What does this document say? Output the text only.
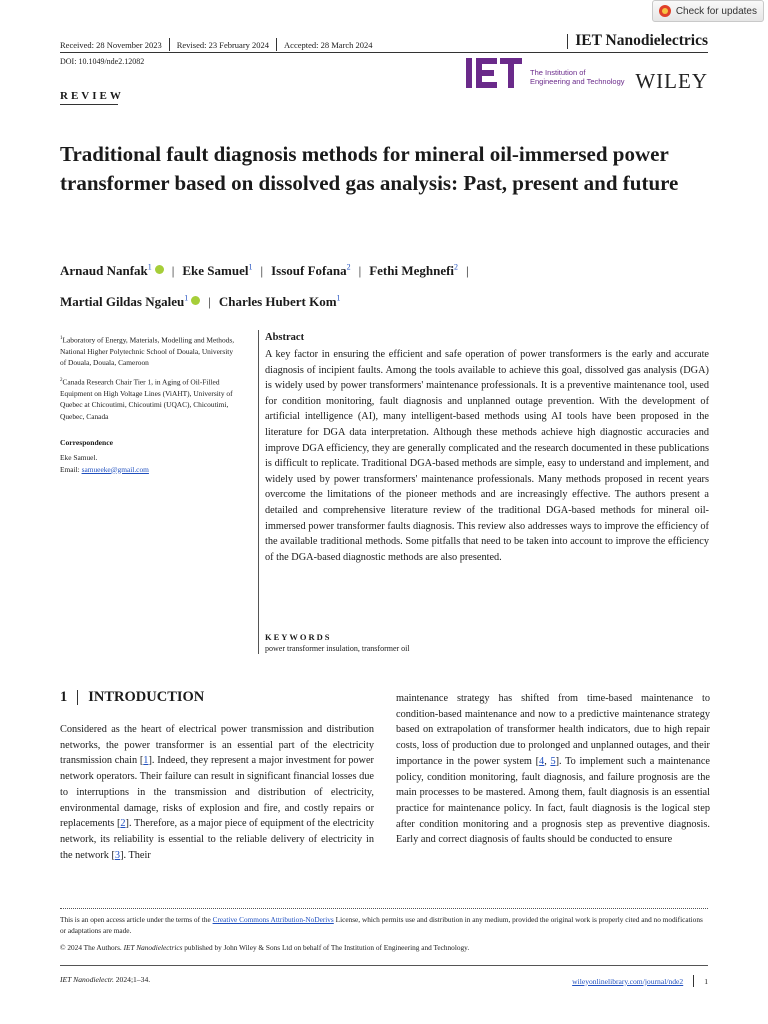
Check for updates
Received: 28 November 2023 Revised: 23 February 2024 Accepted: 28 March 2024	IET Nanodielectrics
DOI: 10.1049/nde2.12082
The Institution of
Engineering and Technology WILEY
REVIEW
Traditional fault diagnosis methods for mineral oil-immersed power transformer based on dissolved gas analysis: Past, present and future
Arnaud Nanfak$^1$ | Eke Samuel$^1$ | Issouf Fofana$^2$ | Fethi Meghnefi$^2$ |
Martial Gildas Ngaleu$^1$ | Charles Hubert Kom$^1$
$^1$Laboratory of Energy, Materials, Modelling and Methods, National Higher Polytechnic School of Douala, University of Douala, Douala, Cameroon
$^2$Canada Research Chair Tier 1, in Aging of Oil-Filled Equipment on High Voltage Lines (ViAHT), University of Quebec at Chicoutimi, Chicoutimi (UQAC), Chicoutimi, Quebec, Canada
Correspondence
Eke Samuel.
Email: samueeke@gmail.com
Abstract
A key factor in ensuring the efficient and safe operation of power transformers is the early and accurate diagnosis of incipient faults. Among the tools available to achieve this goal, dissolved gas analysis (DGA) is widely used by power transformers' maintenance professionals. It is a preventive maintenance tool, used for condition monitoring, fault diagnosis and unplanned outage prevention. With the development of artificial intelligence (AI), many intelligent-based methods using AI tools have been proposed in the literature for DGA data interpretation. Although these methods achieve high diagnostic accuracies and improve DGA efficiency, they are generally complicated and the research documented in these publications is difficult to replicate. Traditional DGA-based methods are simple, easy to understand and implement, and widely used by power transformers' maintenance professionals. Many methods proposed in recent years overcome the limitations of the pioneer methods and are increasingly effective. The authors present a detailed and comprehensive literature review of the traditional DGA-based methods for mineral oil-immersed power transformer faults diagnosis. This review also addresses ways to improve the efficiency of the available traditional methods. Some pitfalls that need to be taken into account to improve the efficiency of the DGA-based diagnostic methods are also presented.
KEYWORDS
power transformer insulation, transformer oil
1 INTRODUCTION
Considered as the heart of electrical power transmission and distribution networks, the power transformer is an essential part of the electricity transmission chain [1]. Indeed, they represent a major investment for power network operators. Their failure can result in significant financial losses due to interruptions in the transmission and distribution of electricity, environmental damage, risks of explosion and fire, and costly repairs or replacements [2]. Therefore, as a major piece of equipment of the electricity network, its reliability is essential to the reliable delivery of electricity in the network [3]. Their
maintenance strategy has shifted from time-based maintenance to condition-based maintenance and now to a predictive maintenance strategy based on extrapolation of transformer health indicators, due to high repair costs, loss of production due to prolonged and unplanned outages, and their importance in the power system [4, 5]. To implement such a maintenance policy, condition monitoring, fault diagnosis, and failure prognosis are the main processes to be mastered. Among them, fault diagnosis is an essential practice for maintenance policy. In fact, fault diagnosis is the logical step after condition monitoring and a prognosis step as preventive diagnosis. Early and correct diagnosis of faults should be conducted to ensure
This is an open access article under the terms of the Creative Commons Attribution-NoDerivs License, which permits use and distribution in any medium, provided the original work is properly cited and no modifications or adaptations are made.
© 2024 The Authors. IET Nanodielectrics published by John Wiley & Sons Ltd on behalf of The Institution of Engineering and Technology.
IET Nanodielectr. 2024;1–34.	wileyonlinelibrary.com/journal/nde2	1
